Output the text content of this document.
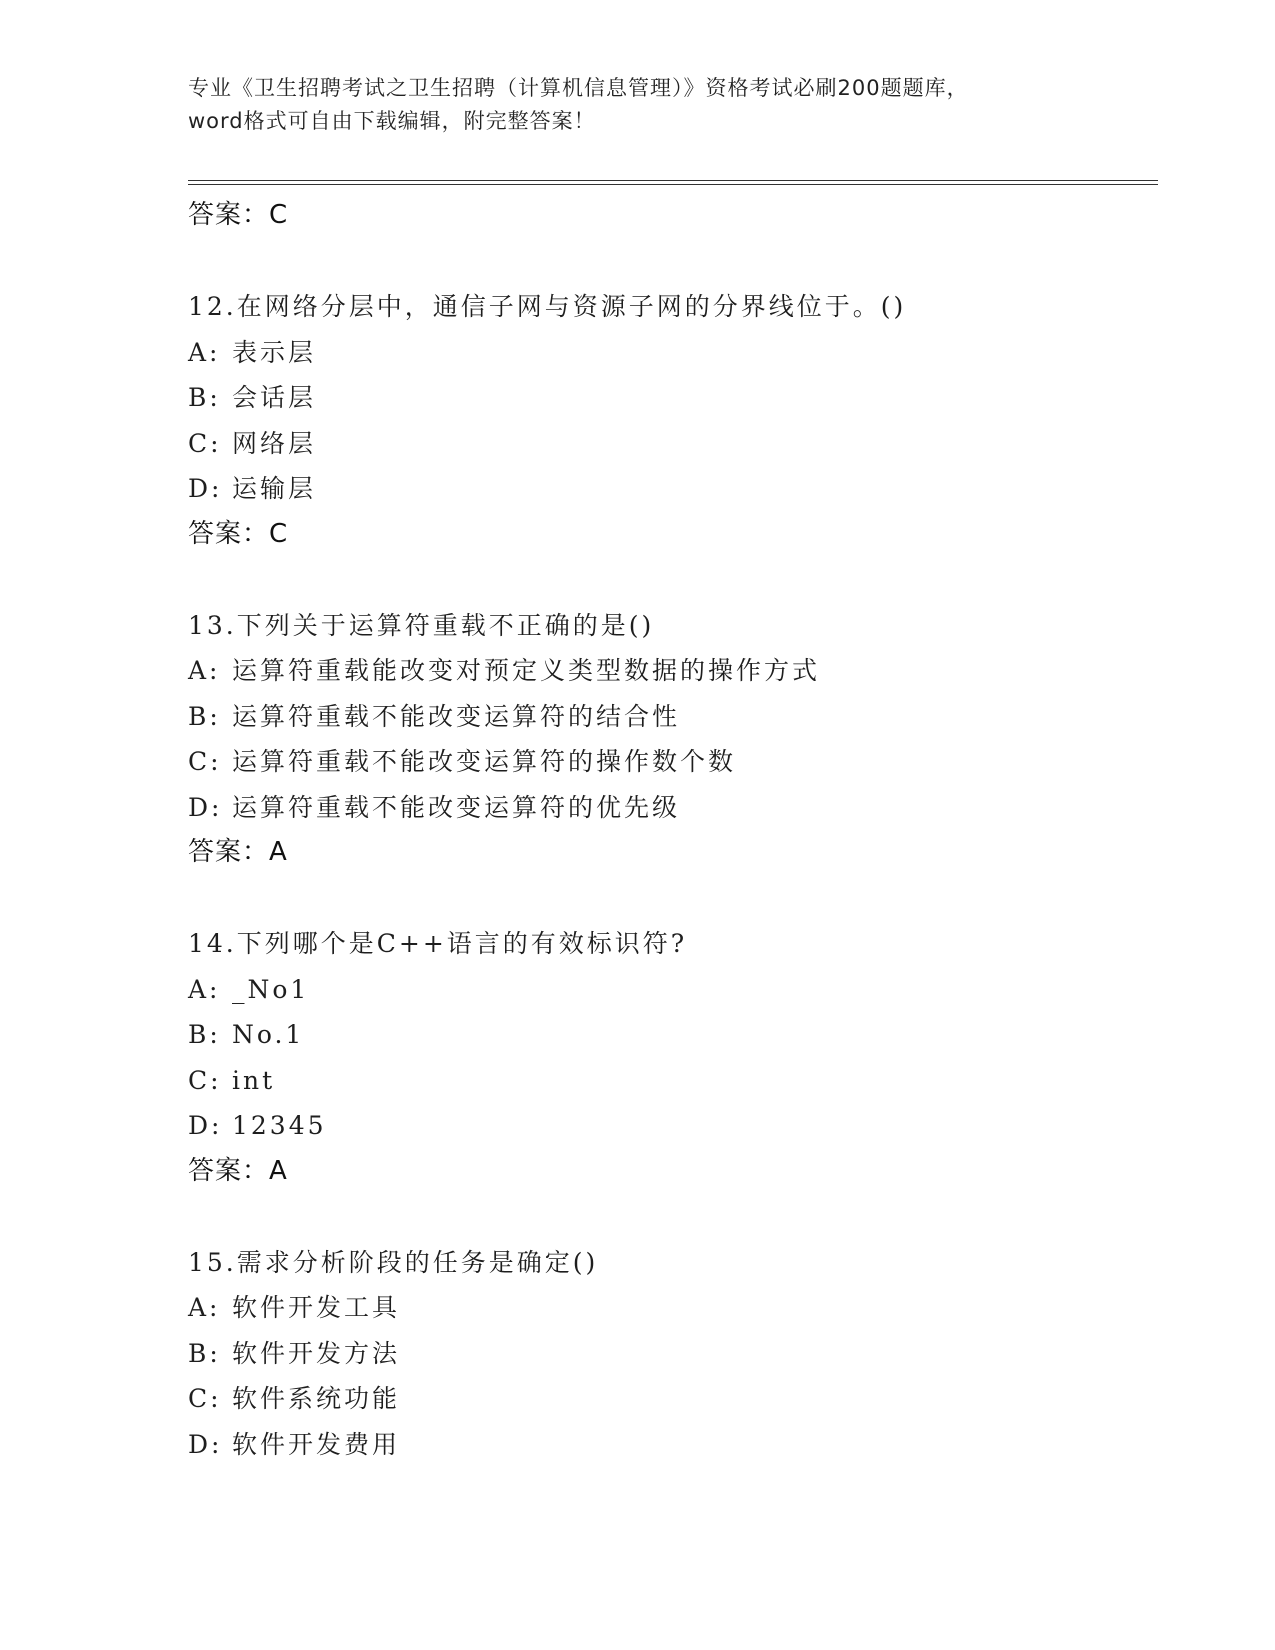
专业《卫生招聘考试之卫生招聘（计算机信息管理）》资格考试必刷200题题库，
word格式可自由下载编辑，附完整答案！
答案：C
12.在网络分层中，通信子网与资源子网的分界线位于。()
A: 表示层
B: 会话层
C: 网络层
D: 运输层
答案：C
13.下列关于运算符重载不正确的是()
A: 运算符重载能改变对预定义类型数据的操作方式
B: 运算符重载不能改变运算符的结合性
C: 运算符重载不能改变运算符的操作数个数
D: 运算符重载不能改变运算符的优先级
答案：A
14.下列哪个是C++语言的有效标识符?
A: _No1
B: No.1
C: int
D: 12345
答案：A
15.需求分析阶段的任务是确定()
A: 软件开发工具
B: 软件开发方法
C: 软件系统功能
D: 软件开发费用
